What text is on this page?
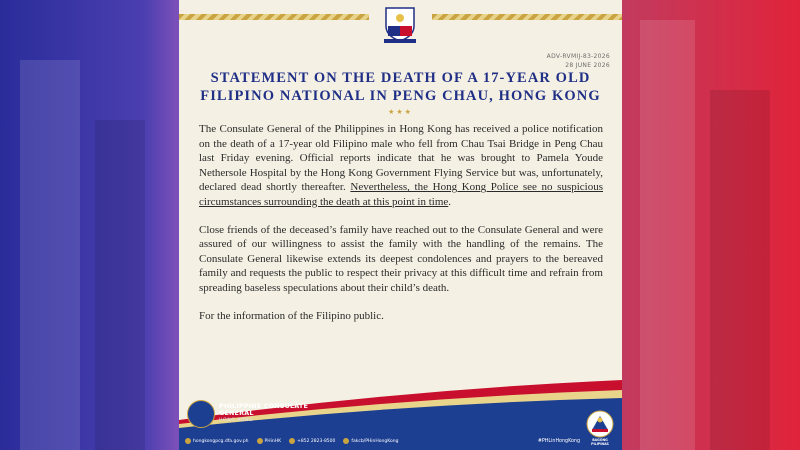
ADV-RVMIJ-83-2026
28 JUNE 2026
STATEMENT ON THE DEATH OF A 17-YEAR OLD
FILIPINO NATIONAL IN PENG CHAU, HONG KONG
★★★

The Consulate General of the Philippines in Hong Kong has received a police notification on the death of a 17-year old Filipino male who fell from Chau Tsai Bridge in Peng Chau last Friday evening. Official reports indicate that he was brought to Pamela Youde Nethersole Hospital by the Hong Kong Government Flying Service but was, unfortunately, declared dead shortly thereafter. Nevertheless, the Hong Kong Police see no suspicious circumstances surrounding the death at this point in time.

Close friends of the deceased’s family have reached out to the Consulate General and were assured of our willingness to assist the family with the handling of the remains. The Consulate General likewise extends its deepest condolences and prayers to the bereaved family and requests the public to respect their privacy at this difficult time and refrain from spreading baseless speculations about their child’s death.

For the information of the Filipino public.

PHILIPPINE CONSULATE
GENERAL
HONG KONG
hongkongpcg.dfa.gov.ph	PHinHK	+852 2823-8500	fakcb/PHinHongKong	#PHLinHongKong	BAGONG PILIPINAS
